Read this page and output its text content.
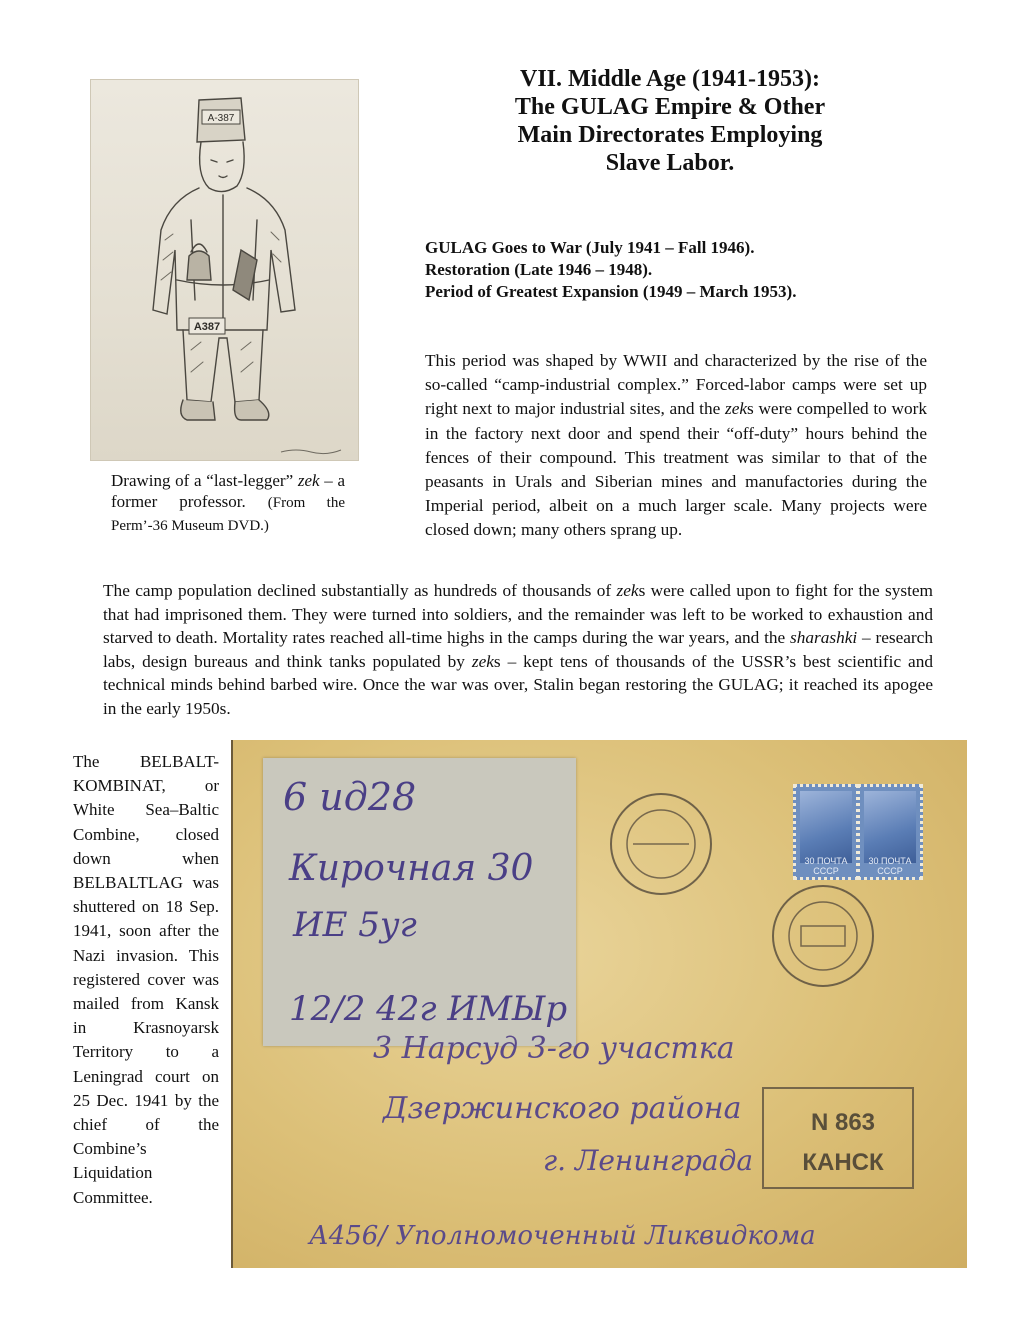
VII. Middle Age (1941-1953):
The GULAG Empire & Other
Main Directorates Employing
Slave Labor.
GULAG Goes to War (July 1941 – Fall 1946).
Restoration (Late 1946 – 1948).
Period of Greatest Expansion (1949 – March 1953).
This period was shaped by WWII and characterized by the rise of the so-called “camp-industrial complex.” Forced-labor camps were set up right next to major industrial sites, and the zeks were compelled to work in the factory next door and spend their “off-duty” hours behind the fences of their compound. This treatment was similar to that of the peasants in Urals and Siberian mines and manufactories during the Imperial period, albeit on a much larger scale. Many projects were closed down; many others sprang up.
The camp population declined substantially as hundreds of thousands of zeks were called upon to fight for the system that had imprisoned them. They were turned into soldiers, and the remainder was left to be worked to exhaustion and starved to death. Mortality rates reached all-time highs in the camps during the war years, and the sharashki – research labs, design bureaus and think tanks populated by zeks – kept tens of thousands of the USSR’s best scientific and technical minds behind barbed wire. Once the war was over, Stalin began restoring the GULAG; it reached its apogee in the early 1950s.
A-387
A387
Drawing of a “last-legger” zek – a former professor. (From the Perm’-36 Museum DVD.)
The BELBALT-KOMBINAT, or White Sea–Baltic Combine, closed down when BELBALTLAG was shuttered on 18 Sep. 1941, soon after the Nazi invasion. This registered cover was mailed from Kansk in Krasnoyarsk Territory to a Leningrad court on 25 Dec. 1941 by the chief of the Combine’s Liquidation Committee.
6 ид28
Кирочная 30
ИЕ 5уг
12/2 42г ИМЫр
30 ПОЧТА СССР
30 ПОЧТА СССР
3 Нарсуд 3-го участка
Дзержинского района
г. Ленинграда
А456/ Уполномоченный Ликвидкома
N 863
КАНСК
